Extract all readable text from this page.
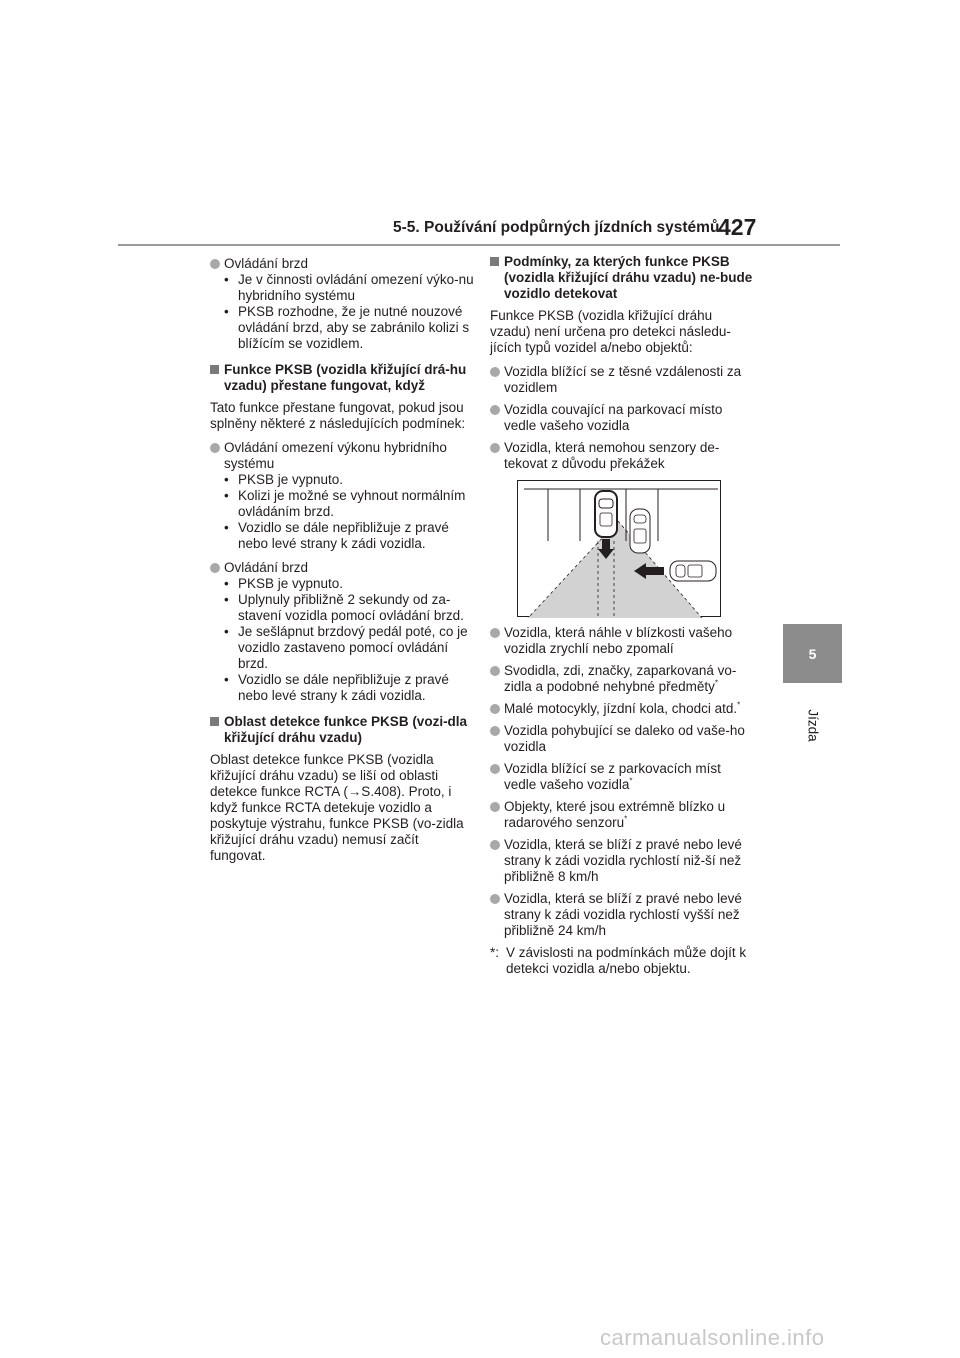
5-5. Používání podpůrných jízdních systémů
427
Ovládání brzd
• Je v činnosti ovládání omezení výko-nu hybridního systému
• PKSB rozhodne, že je nutné nouzové ovládání brzd, aby se zabránilo kolizi s blížícím se vozidlem.
Funkce PKSB (vozidla křižující drá-hu vzadu) přestane fungovat, když
Tato funkce přestane fungovat, pokud jsou splněny některé z následujících podmínek:
Ovládání omezení výkonu hybridního systému
• PKSB je vypnuto.
• Kolizi je možné se vyhnout normálním ovládáním brzd.
• Vozidlo se dále nepřibližuje z pravé nebo levé strany k zádi vozidla.
Ovládání brzd
• PKSB je vypnuto.
• Uplynuly přibližně 2 sekundy od za-stavení vozidla pomocí ovládání brzd.
• Je sešlápnut brzdový pedál poté, co je vozidlo zastaveno pomocí ovládání brzd.
• Vozidlo se dále nepřibližuje z pravé nebo levé strany k zádi vozidla.
Oblast detekce funkce PKSB (vozi-dla křižující dráhu vzadu)
Oblast detekce funkce PKSB (vozidla křižující dráhu vzadu) se liší od oblasti detekce funkce RCTA (→S.408). Proto, i když funkce RCTA detekuje vozidlo a poskytuje výstrahu, funkce PKSB (vo-zidla křižující dráhu vzadu) nemusí začít fungovat.
Podmínky, za kterých funkce PKSB (vozidla křižující dráhu vzadu) ne-bude vozidlo detekovat
Funkce PKSB (vozidla křižující dráhu vzadu) není určena pro detekci následu-jících typů vozidel a/nebo objektů:
Vozidla blížící se z těsné vzdálenosti za vozidlem
Vozidla couvající na parkovací místo vedle vašeho vozidla
Vozidla, která nemohou senzory de-tekovat z důvodu překážek
Vozidla, která náhle v blízkosti vašeho vozidla zrychlí nebo zpomalí
Svodidla, zdi, značky, zaparkovaná vo-zidla a podobné nehybné předměty*
Malé motocykly, jízdní kola, chodci atd.*
Vozidla pohybující se daleko od vaše-ho vozidla
Vozidla blížící se z parkovacích míst vedle vašeho vozidla*
Objekty, které jsou extrémně blízko u radarového senzoru*
Vozidla, která se blíží z pravé nebo levé strany k zádi vozidla rychlostí niž-ší než přibližně 8 km/h
Vozidla, která se blíží z pravé nebo levé strany k zádi vozidla rychlostí vyšší než přibližně 24 km/h
*: V závislosti na podmínkách může dojít k detekci vozidla a/nebo objektu.
5
Jízda
carmanualsonline.info
